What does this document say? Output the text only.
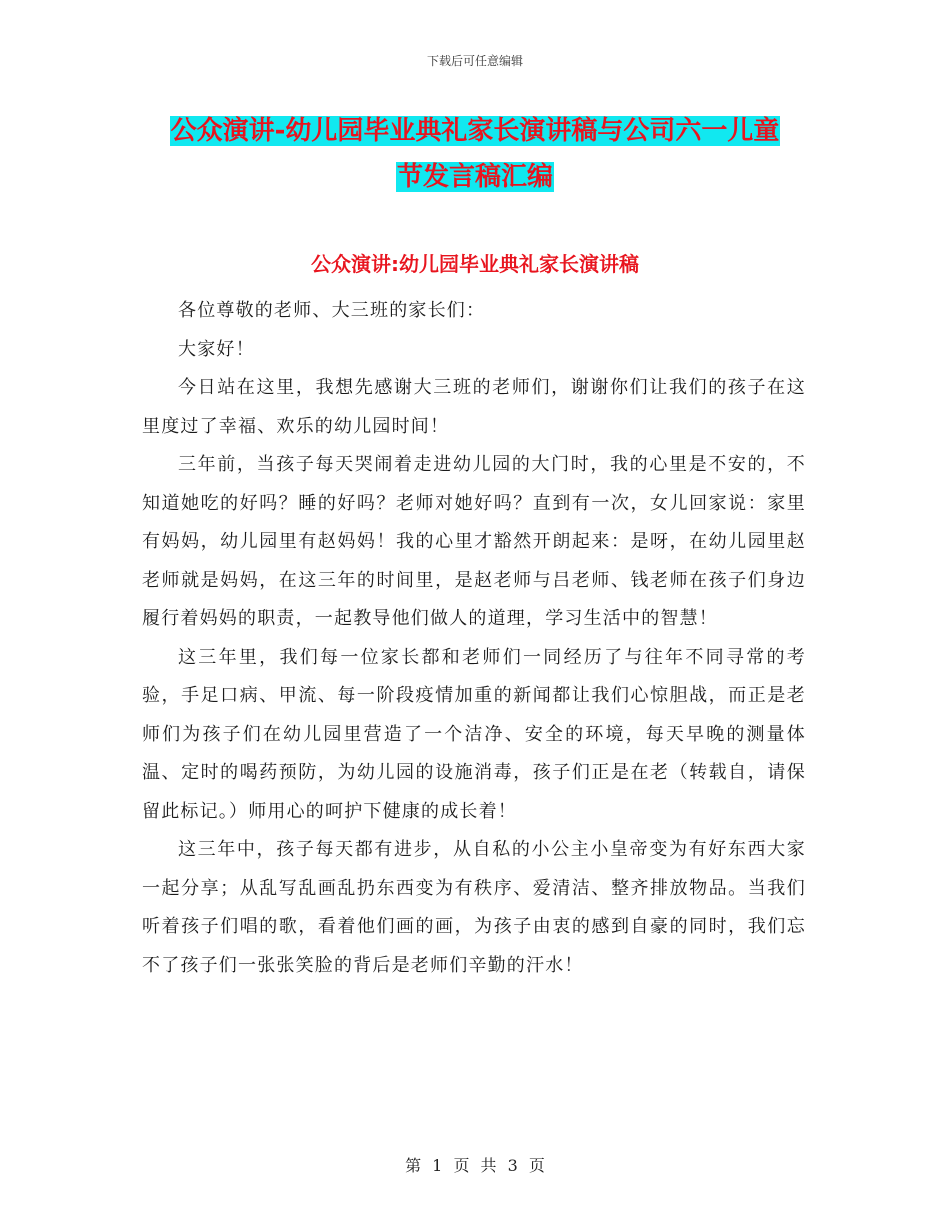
下载后可任意编辑
公众演讲-幼儿园毕业典礼家长演讲稿与公司六一儿童
节发言稿汇编
公众演讲:幼儿园毕业典礼家长演讲稿

各位尊敬的老师、大三班的家长们：

大家好！

今日站在这里，我想先感谢大三班的老师们，谢谢你们让我们的孩子在这里度过了幸福、欢乐的幼儿园时间！

三年前，当孩子每天哭闹着走进幼儿园的大门时，我的心里是不安的，不知道她吃的好吗？睡的好吗？老师对她好吗？直到有一次，女儿回家说：家里有妈妈，幼儿园里有赵妈妈！我的心里才豁然开朗起来：是呀，在幼儿园里赵老师就是妈妈，在这三年的时间里，是赵老师与吕老师、钱老师在孩子们身边履行着妈妈的职责，一起教导他们做人的道理，学习生活中的智慧！

这三年里，我们每一位家长都和老师们一同经历了与往年不同寻常的考验，手足口病、甲流、每一阶段疫情加重的新闻都让我们心惊胆战，而正是老师们为孩子们在幼儿园里营造了一个洁净、安全的环境，每天早晚的测量体温、定时的喝药预防，为幼儿园的设施消毒，孩子们正是在老（转载自，请保留此标记。）师用心的呵护下健康的成长着！

这三年中，孩子每天都有进步，从自私的小公主小皇帝变为有好东西大家一起分享；从乱写乱画乱扔东西变为有秩序、爱清洁、整齐排放物品。当我们听着孩子们唱的歌，看着他们画的画，为孩子由衷的感到自豪的同时，我们忘不了孩子们一张张笑脸的背后是老师们辛勤的汗水！

第 1 页 共 3 页
